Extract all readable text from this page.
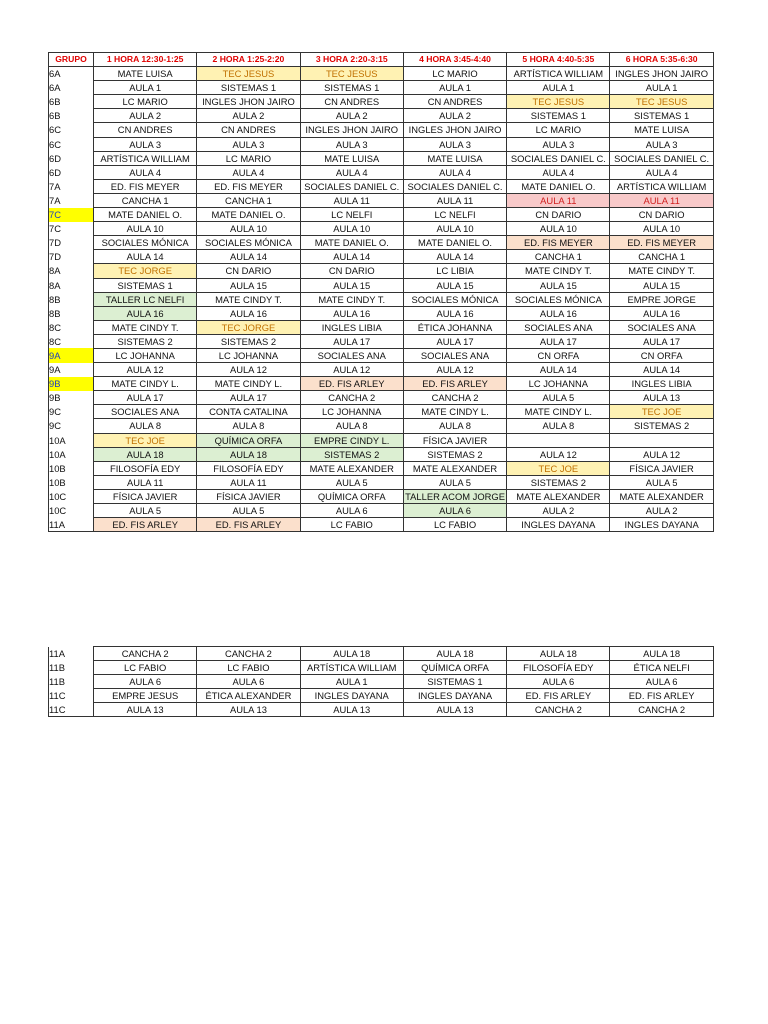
GRUPO	1 HORA 12:30-1:25	2 HORA 1:25-2:20	3 HORA 2:20-3:15	4 HORA 3:45-4:40	5 HORA 4:40-5:35	6 HORA 5:35-6:30
6A	MATE LUISA	TEC JESUS	TEC JESUS	LC MARIO	ARTÍSTICA WILLIAM	INGLES JHON JAIRO
6A	AULA 1	SISTEMAS 1	SISTEMAS 1	AULA 1	AULA 1	AULA 1
6B	LC MARIO	INGLES JHON JAIRO	CN ANDRES	CN ANDRES	TEC JESUS	TEC JESUS
6B	AULA 2	AULA 2	AULA 2	AULA 2	SISTEMAS 1	SISTEMAS 1
6C	CN ANDRES	CN ANDRES	INGLES JHON JAIRO	INGLES JHON JAIRO	LC MARIO	MATE LUISA
6C	AULA 3	AULA 3	AULA 3	AULA 3	AULA 3	AULA 3
6D	ARTÍSTICA WILLIAM	LC MARIO	MATE LUISA	MATE LUISA	SOCIALES DANIEL C.	SOCIALES DANIEL C.
6D	AULA 4	AULA 4	AULA 4	AULA 4	AULA 4	AULA 4
7A	ED. FIS MEYER	ED. FIS MEYER	SOCIALES DANIEL C.	SOCIALES DANIEL C.	MATE DANIEL O.	ARTÍSTICA WILLIAM
7A	CANCHA 1	CANCHA 1	AULA 11	AULA 11	AULA 11	AULA 11
7C	MATE DANIEL O.	MATE DANIEL O.	LC NELFI	LC NELFI	CN DARIO	CN DARIO
7C	AULA 10	AULA 10	AULA 10	AULA 10	AULA 10	AULA 10
7D	SOCIALES MÓNICA	SOCIALES MÓNICA	MATE DANIEL O.	MATE DANIEL O.	ED. FIS MEYER	ED. FIS MEYER
7D	AULA 14	AULA 14	AULA 14	AULA 14	CANCHA 1	CANCHA 1
8A	TEC JORGE	CN DARIO	CN DARIO	LC LIBIA	MATE CINDY T.	MATE CINDY T.
8A	SISTEMAS 1	AULA 15	AULA 15	AULA 15	AULA 15	AULA 15
8B	TALLER LC NELFI	MATE CINDY T.	MATE CINDY T.	SOCIALES MÓNICA	SOCIALES MÓNICA	EMPRE JORGE
8B	AULA 16	AULA 16	AULA 16	AULA 16	AULA 16	AULA 16
8C	MATE CINDY T.	TEC JORGE	INGLES LIBIA	ÉTICA JOHANNA	SOCIALES ANA	SOCIALES ANA
8C	SISTEMAS 2	SISTEMAS 2	AULA 17	AULA 17	AULA 17	AULA 17
9A	LC JOHANNA	LC JOHANNA	SOCIALES ANA	SOCIALES ANA	CN ORFA	CN ORFA
9A	AULA 12	AULA 12	AULA 12	AULA 12	AULA 14	AULA 14
9B	MATE CINDY L.	MATE CINDY L.	ED. FIS ARLEY	ED. FIS ARLEY	LC JOHANNA	INGLES LIBIA
9B	AULA 17	AULA 17	CANCHA 2	CANCHA 2	AULA 5	AULA 13
9C	SOCIALES ANA	CONTA CATALINA	LC JOHANNA	MATE CINDY L.	MATE CINDY L.	TEC JOE
9C	AULA 8	AULA 8	AULA 8	AULA 8	AULA 8	SISTEMAS 2
10A	TEC JOE	QUÍMICA ORFA	EMPRE CINDY L.	FÍSICA JAVIER		
10A	AULA 18	AULA 18	SISTEMAS 2	SISTEMAS 2	AULA 12	AULA 12
10B	FILOSOFÍA EDY	FILOSOFÍA EDY	MATE ALEXANDER	MATE ALEXANDER	TEC JOE	FÍSICA JAVIER
10B	AULA 11	AULA 11	AULA 5	AULA 5	SISTEMAS 2	AULA 5
10C	FÍSICA JAVIER	FÍSICA JAVIER	QUÍMICA ORFA	TALLER ACOM JORGE	MATE ALEXANDER	MATE ALEXANDER
10C	AULA 5	AULA 5	AULA 6	AULA 6	AULA 2	AULA 2
11A	ED. FIS ARLEY	ED. FIS ARLEY	LC FABIO	LC FABIO	INGLES DAYANA	INGLES DAYANA
11A	CANCHA 2	CANCHA 2	AULA 18	AULA 18	AULA 18	AULA 18
11B	LC FABIO	LC FABIO	ARTÍSTICA WILLIAM	QUÍMICA ORFA	FILOSOFÍA EDY	ÉTICA NELFI
11B	AULA 6	AULA 6	AULA 1	SISTEMAS 1	AULA 6	AULA 6
11C	EMPRE JESUS	ÉTICA ALEXANDER	INGLES DAYANA	INGLES DAYANA	ED. FIS ARLEY	ED. FIS ARLEY
11C	AULA 13	AULA 13	AULA 13	AULA 13	CANCHA 2	CANCHA 2
